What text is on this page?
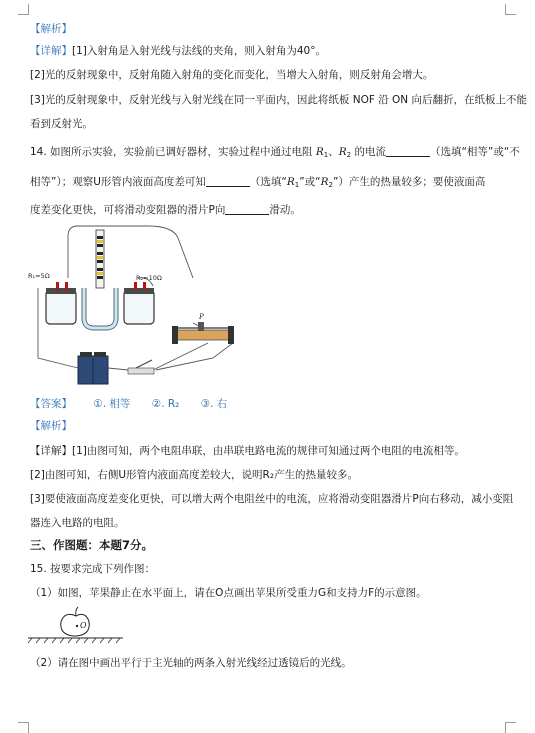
【解析】
【详解】[1]入射角是入射光线与法线的夹角，则入射角为40°。
[2]光的反射现象中，反射角随入射角的变化而变化，当增大入射角，则反射角会增大。
[3]光的反射现象中，反射光线与入射光线在同一平面内，因此将纸板 NOF 沿 ON 向后翻折，在纸板上不能
看到反射光。
14. 如图所示实验，实验前已调好器材，实验过程中通过电阻 $R_1$、$R_2$ 的电流	（选填“相等”或“不
相等”）；观察U形管内液面高度差可知	（选填“$R_1$”或“$R_2$”）产生的热量较多；要使液面高
度差变化更快，可将滑动变阻器的滑片P向	滑动。
P
R₁=5Ω	R₂=10Ω
【答案】 ①. 相等 ②. R₂ ③. 右
【解析】
【详解】[1]由图可知，两个电阻串联，由串联电路电流的规律可知通过两个电阻的电流相等。
[2]由图可知，右侧U形管内液面高度差较大，说明R₂产生的热量较多。
[3]要使液面高度差变化更快，可以增大两个电阻丝中的电流，应将滑动变阻器滑片P向右移动，减小变阻
器连入电路的电阻。
三、作图题：本题7分。
15. 按要求完成下列作图：
（1）如图，苹果静止在水平面上，请在O点画出苹果所受重力G和支持力F的示意图。
O
（2）请在图中画出平行于主光轴的两条入射光线经过透镜后的光线。
